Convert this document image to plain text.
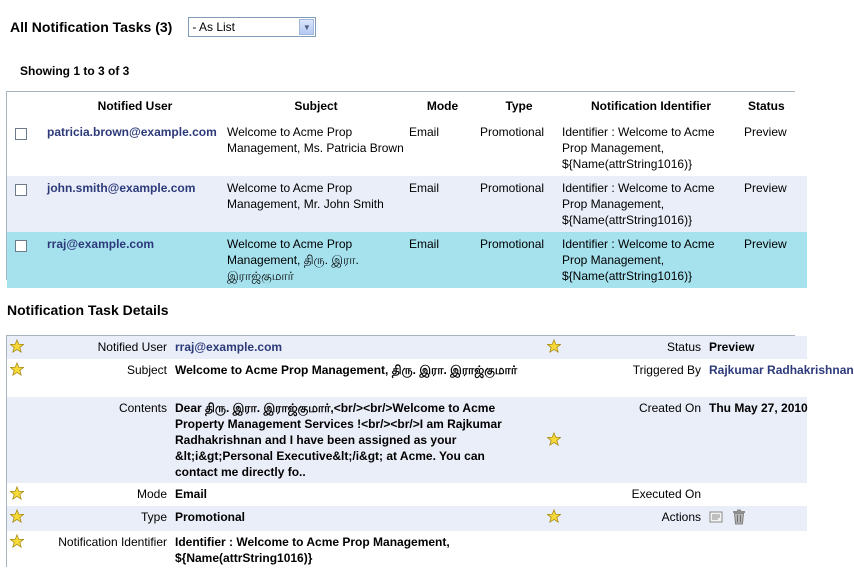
All Notification Tasks (3) - As List	▼
Showing 1 to 3 of 3
	Notified User	Subject	Mode	Type	Notification Identifier	Status

	patricia.brown@example.com	Welcome to Acme Prop Management, Ms. Patricia Brown	Email	Promotional	Identifier : Welcome to Acme Prop Management, ${Name(attrString1016)}	Preview

	john.smith@example.com	Welcome to Acme Prop Management, Mr. John Smith	Email	Promotional	Identifier : Welcome to Acme Prop Management, ${Name(attrString1016)}	Preview

	rraj@example.com	Welcome to Acme Prop Management, திரு. இரா. இராஜ்குமார்	Email	Promotional	Identifier : Welcome to Acme Prop Management, ${Name(attrString1016)}	Preview
Notification Task Details
	Notified User	rraj@example.com		Status	Preview
	Subject	Welcome to Acme Prop Management, திரு. இரா. இராஜ்குமார்		Triggered By	Rajkumar Radhakrishnan
	Contents	Dear திரு. இரா. இராஜ்குமார்,<br/><br/>Welcome to Acme Property Management Services !<br/><br/>I am Rajkumar Radhakrishnan and I have been assigned as your &lt;i&gt;Personal Executive&lt;/i&gt; at Acme. You can contact me directly fo..		Created On	Thu May 27, 2010
	Mode	Email		Executed On	
	Type	Promotional		Actions	
	Notification Identifier	Identifier : Welcome to Acme Prop Management, ${Name(attrString1016)}			
